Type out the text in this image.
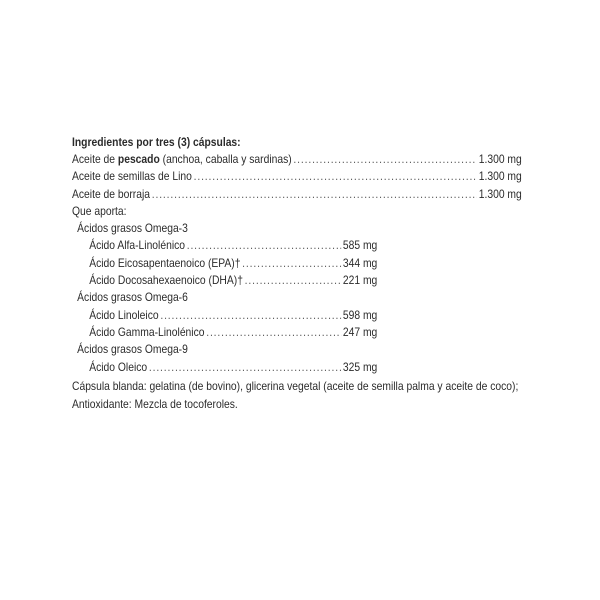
Ingredientes por tres (3) cápsulas:
Aceite de pescado (anchoa, caballa y sardinas) .....	1.300 mg
Aceite de semillas de Lino .....	1.300 mg
Aceite de borraja .....	1.300 mg
Que aporta:
Ácidos grasos Omega-3
Ácido Alfa-Linolénico .....	585 mg
Ácido Eicosapentaenoico (EPA)† .....	344 mg
Ácido Docosahexaenoico (DHA)† .....	221 mg
Ácidos grasos Omega-6
Ácido Linoleico .....	598 mg
Ácido Gamma-Linolénico .....	247 mg
Ácidos grasos Omega-9
Ácido Oleico .....	325 mg
Cápsula blanda: gelatina (de bovino), glicerina vegetal (aceite de semilla palma y aceite de coco); Antioxidante: Mezcla de tocoferoles.
